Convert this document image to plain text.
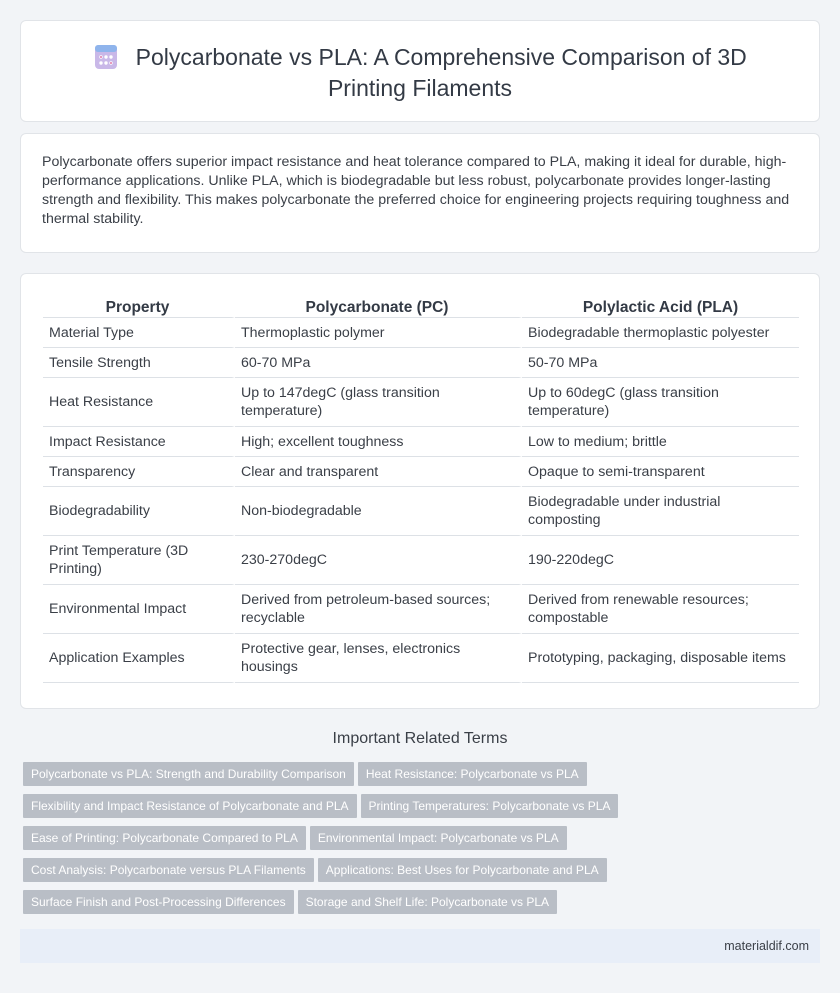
Polycarbonate vs PLA: A Comprehensive Comparison of 3D Printing Filaments

Polycarbonate offers superior impact resistance and heat tolerance compared to PLA, making it ideal for durable, high-performance applications. Unlike PLA, which is biodegradable but less robust, polycarbonate provides longer-lasting strength and flexibility. This makes polycarbonate the preferred choice for engineering projects requiring toughness and thermal stability.

Property	Polycarbonate (PC)	Polylactic Acid (PLA)
Material Type	Thermoplastic polymer	Biodegradable thermoplastic polyester
Tensile Strength	60-70 MPa	50-70 MPa
Heat Resistance	Up to 147degC (glass transition temperature)	Up to 60degC (glass transition temperature)
Impact Resistance	High; excellent toughness	Low to medium; brittle
Transparency	Clear and transparent	Opaque to semi-transparent
Biodegradability	Non-biodegradable	Biodegradable under industrial composting
Print Temperature (3D Printing)	230-270degC	190-220degC
Environmental Impact	Derived from petroleum-based sources; recyclable	Derived from renewable resources; compostable
Application Examples	Protective gear, lenses, electronics housings	Prototyping, packaging, disposable items
Important Related Terms
Polycarbonate vs PLA: Strength and Durability Comparison Heat Resistance: Polycarbonate vs PLA
Flexibility and Impact Resistance of Polycarbonate and PLA Printing Temperatures: Polycarbonate vs PLA
Ease of Printing: Polycarbonate Compared to PLA Environmental Impact: Polycarbonate vs PLA
Cost Analysis: Polycarbonate versus PLA Filaments Applications: Best Uses for Polycarbonate and PLA
Surface Finish and Post-Processing Differences Storage and Shelf Life: Polycarbonate vs PLA
materialdif.com
